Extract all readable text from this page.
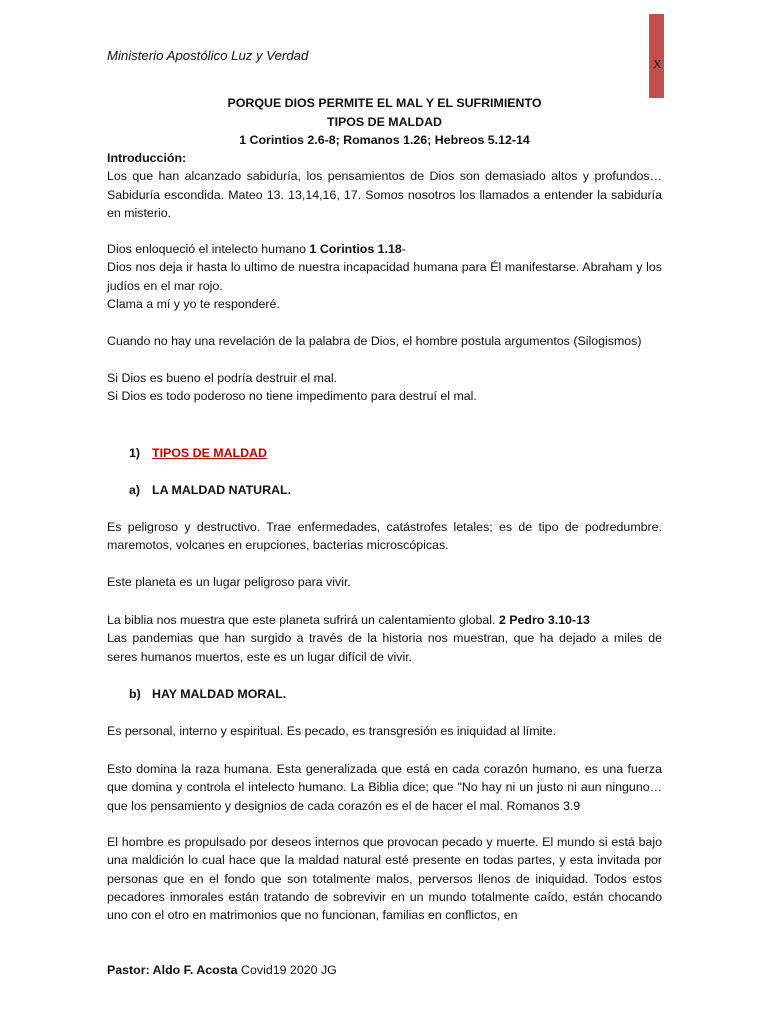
Ministerio Apostólico Luz y Verdad
X
PORQUE DIOS PERMITE EL MAL Y EL SUFRIMIENTO
TIPOS DE MALDAD
1 Corintios 2.6-8; Romanos 1.26; Hebreos 5.12-14
Introducción:

Los que han alcanzado sabiduría, los pensamientos de Dios son demasiado altos y profundos… Sabiduría escondida. Mateo 13. 13,14,16, 17. Somos nosotros los llamados a entender la sabiduría en misterio.

Dios enloqueció el intelecto humano 1 Corintios 1.18-

Dios nos deja ir hasta lo ultimo de nuestra incapacidad humana para Él manifestarse. Abraham y los judíos en el mar rojo.

Clama a mí y yo te responderé.
Cuando no hay una revelación de la palabra de Dios, el hombre postula argumentos (Silogismos)
Si Dios es bueno el podría destruir el mal.
Si Dios es todo poderoso no tiene impedimento para destruí el mal.
1) TIPOS DE MALDAD
a) LA MALDAD NATURAL.

Es peligroso y destructivo. Trae enfermedades, catástrofes letales; es de tipo de podredumbre. maremotos, volcanes en erupciones, bacterias microscópicas.

Este planeta es un lugar peligroso para vivir.
La biblia nos muestra que este planeta sufrirá un calentamiento global. 2 Pedro 3.10-13

Las pandemias que han surgido a través de la historia nos muestran, que ha dejado a miles de seres humanos muertos, este es un lugar difícil de vivir.

b) HAY MALDAD MORAL.
Es personal, interno y espiritual. Es pecado, es transgresión es iniquidad al límite.

Esto domina la raza humana. Esta generalizada que está en cada corazón humano, es una fuerza que domina y controla el intelecto humano. La Biblia dice; que "No hay ni un justo ni aun ninguno… que los pensamiento y designios de cada corazón es el de hacer el mal. Romanos 3.9

El hombre es propulsado por deseos internos que provocan pecado y muerte. El mundo si está bajo una maldición lo cual hace que la maldad natural esté presente en todas partes, y esta invitada por personas que en el fondo que son totalmente malos, perversos llenos de iniquidad. Todos estos pecadores inmorales están tratando de sobrevivir en un mundo totalmente caído, están chocando uno con el otro en matrimonios que no funcionan, familias en conflictos, en

Pastor: Aldo F. Acosta Covid19 2020 JG
